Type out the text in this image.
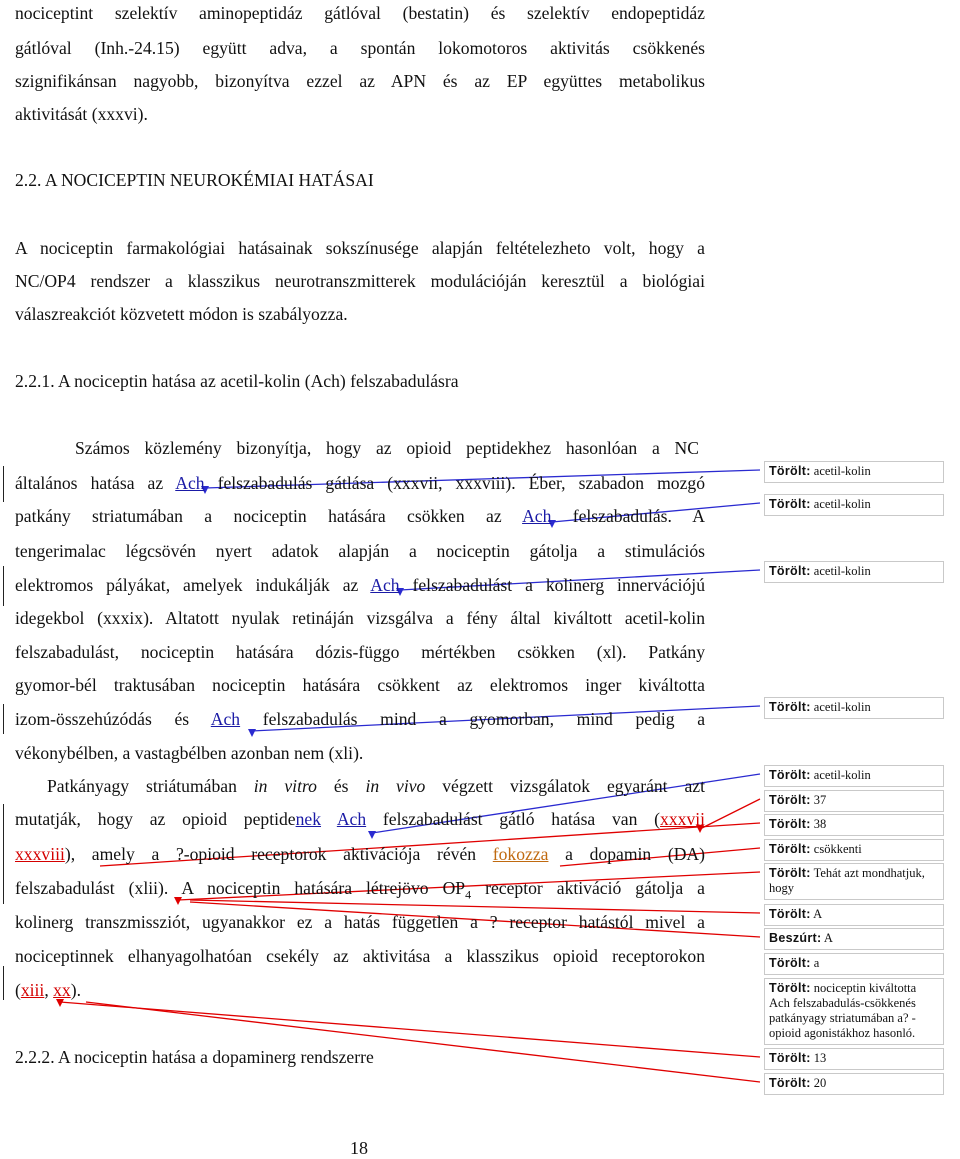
nociceptint szelektív aminopeptidáz gátlóval (bestatin) és szelektív endopeptidáz
gátlóval (Inh.-24.15) együtt adva, a spontán lokomotoros aktivitás csökkenés
szignifikánsan nagyobb, bizonyítva ezzel az APN és az EP együttes metabolikus
aktivitását (xxxvi).
2.2. A NOCICEPTIN NEUROKÉMIAI HATÁSAI
A nociceptin farmakológiai hatásainak sokszínusége alapján feltételezheto volt, hogy a
NC/OP4 rendszer a klasszikus neurotranszmitterek modulációján keresztül a biológiai
válaszreakciót közvetett módon is szabályozza.
2.2.1. A nociceptin hatása az acetil-kolin (Ach) felszabadulásra
Számos közlemény bizonyítja, hogy az opioid peptidekhez hasonlóan a NC
általános hatása az Ach felszabadulás gátlása (xxxvii, xxxviii). Éber, szabadon mozgó
patkány striatumában a nociceptin hatására csökken az Ach felszabadulás. A
tengerimalac légcsövén nyert adatok alapján a nociceptin gátolja a stimulációs
elektromos pályákat, amelyek indukálják az Ach felszabadulást a kolinerg innervációjú
idegekbol (xxxix). Altatott nyulak retináján vizsgálva a fény által kiváltott acetil-kolin
felszabadulást, nociceptin hatására dózis-függo mértékben csökken (xl). Patkány
gyomor-bél traktusában nociceptin hatására csökkent az elektromos inger kiváltotta
izom-összehúzódás és Ach felszabadulás mind a gyomorban, mind pedig a
vékonybélben, a vastagbélben azonban nem (xli).
Patkányagy striátumában in vitro és in vivo végzett vizsgálatok egyaránt azt
mutatják, hogy az opioid peptidenek Ach felszabadulást gátló hatása van (xxxvii
xxxviii), amely a ?-opioid receptorok aktivációja révén fokozza a dopamin (DA)
felszabadulást (xlii). A nociceptin hatására létrejövo $OP_4$ receptor aktiváció gátolja a
kolinerg transzmissziót, ugyanakkor ez a hatás független a ? receptor hatástól mivel a
nociceptinnek elhanyagolhatóan csekély az aktivitása a klasszikus opioid receptorokon
(xiii, xx).
2.2.2. A nociceptin hatása a dopaminerg rendszerre
18
Törölt: acetil-kolin
Törölt: acetil-kolin
Törölt: acetil-kolin
Törölt: acetil-kolin
Törölt: acetil-kolin
Törölt: 37
Törölt: 38
Törölt: csökkenti
Törölt: Tehát azt mondhatjuk, hogy
Törölt: A
Beszúrt: A
Törölt: a
Törölt: nociceptin kiváltotta Ach felszabadulás-csökkenés patkányagy striatumában a? -opioid agonistákhoz hasonló.
Törölt: 13
Törölt: 20
